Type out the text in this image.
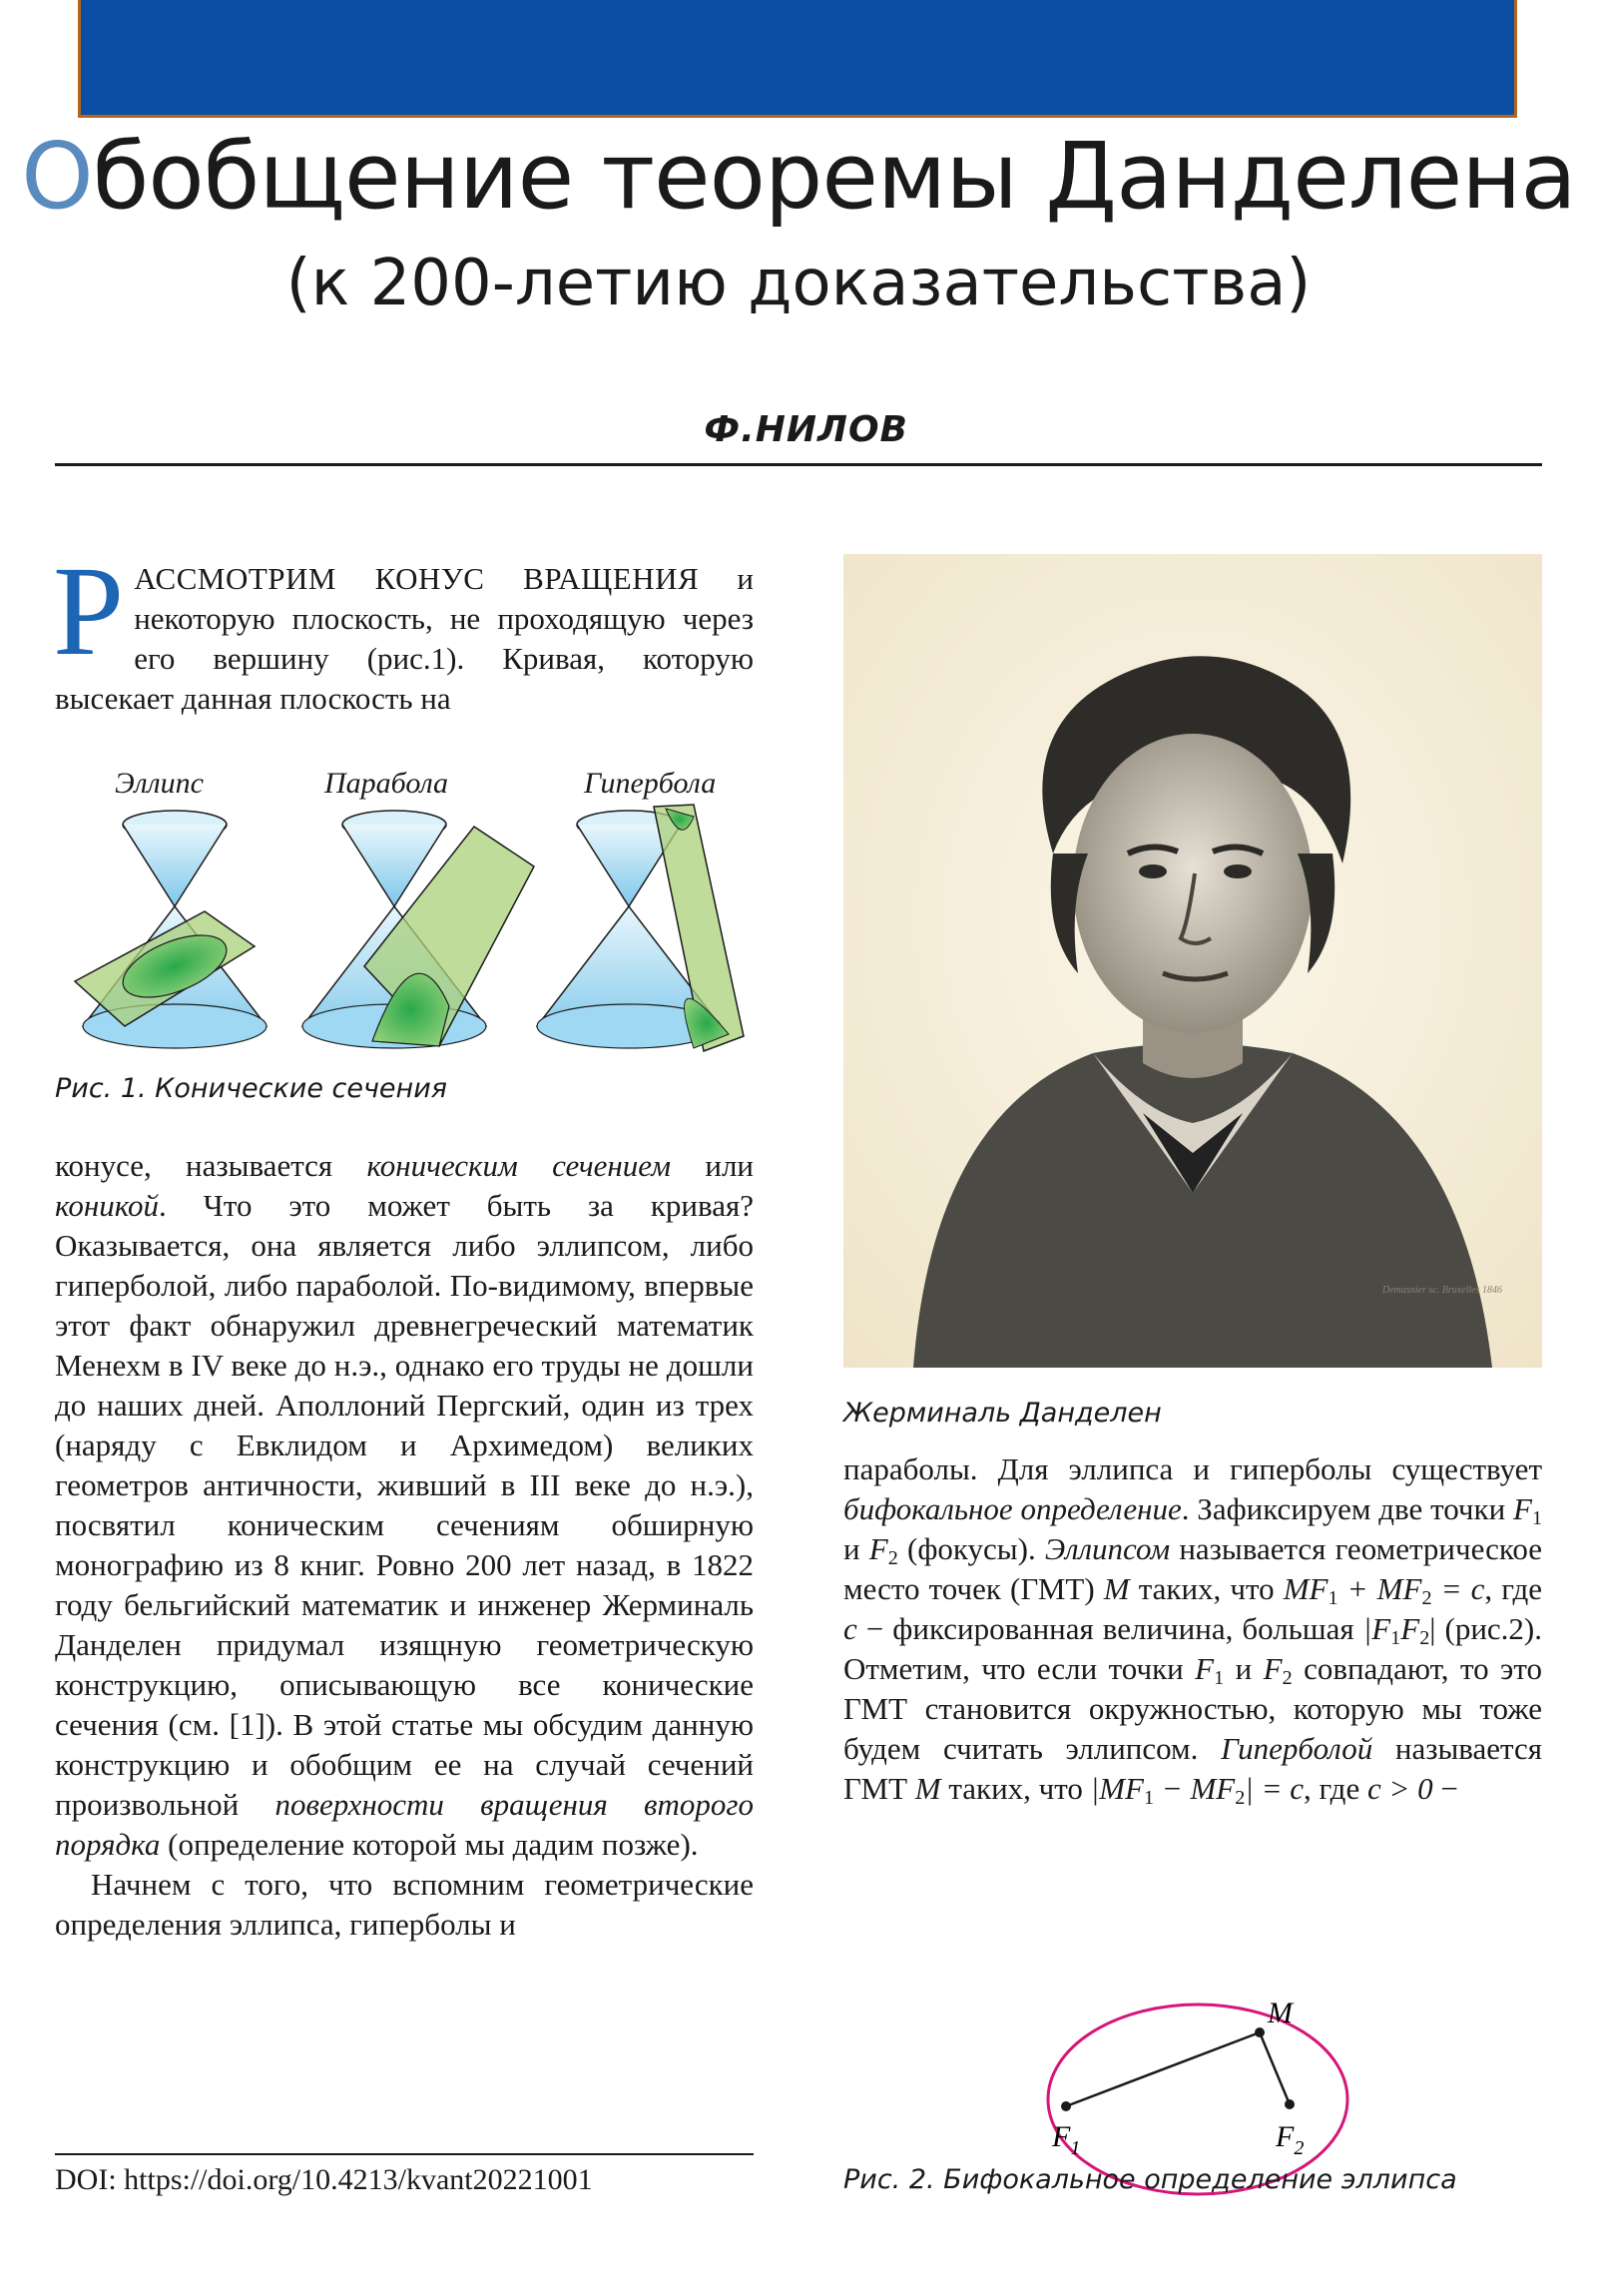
Обобщение теоремы Данделена
(к 200-летию доказательства)
Ф.НИЛОВ

РАССМОТРИМ КОНУС ВРАЩЕНИЯ и некоторую плоскость, не проходящую через его вершину (рис.1). Кривая, которую высекает данная плоскость на

Эллипс	Парабола	Гипербола
Рис. 1. Конические сечения

конусе, называется коническим сечением или коникой. Что это может быть за кривая? Оказывается, она является либо эллипсом, либо гиперболой, либо параболой. По-видимому, впервые этот факт обнаружил древнегреческий математик Менехм в IV веке до н.э., однако его труды не дошли до наших дней. Аполлоний Пергский, один из трех (наряду с Евклидом и Архимедом) великих геометров античности, живший в III веке до н.э.), посвятил коническим сечениям обширную монографию из 8 книг. Ровно 200 лет назад, в 1822 году бельгийский математик и инженер Жерминаль Данделен придумал изящную геометрическую конструкцию, описывающую все конические сечения (см. [1]). В этой статье мы обсудим данную конструкцию и обобщим ее на случай сечений произвольной поверхности вращения второго порядка (определение которой мы дадим позже).

Начнем с того, что вспомним геометрические определения эллипса, гиперболы и

Demasnier sc. Bruxelles 1846
Жерминаль Данделен

параболы. Для эллипса и гиперболы существует бифокальное определение. Зафиксируем две точки $F_1$ и $F_2$ (фокусы). Эллипсом называется геометрическое место точек (ГМТ) M таких, что $MF_1 + MF_2 = c$, где c − фиксированная величина, большая $|F_1F_2|$ (рис.2). Отметим, что если точки $F_1$ и $F_2$ совпадают, то это ГМТ становится окружностью, которую мы тоже будем считать эллипсом. Гиперболой называется ГМТ M таких, что $|MF_1 - MF_2| = c$, где c > 0 −

M
$F_1$	$F_2$
Рис. 2. Бифокальное определение эллипса
DOI: https://doi.org/10.4213/kvant20221001
